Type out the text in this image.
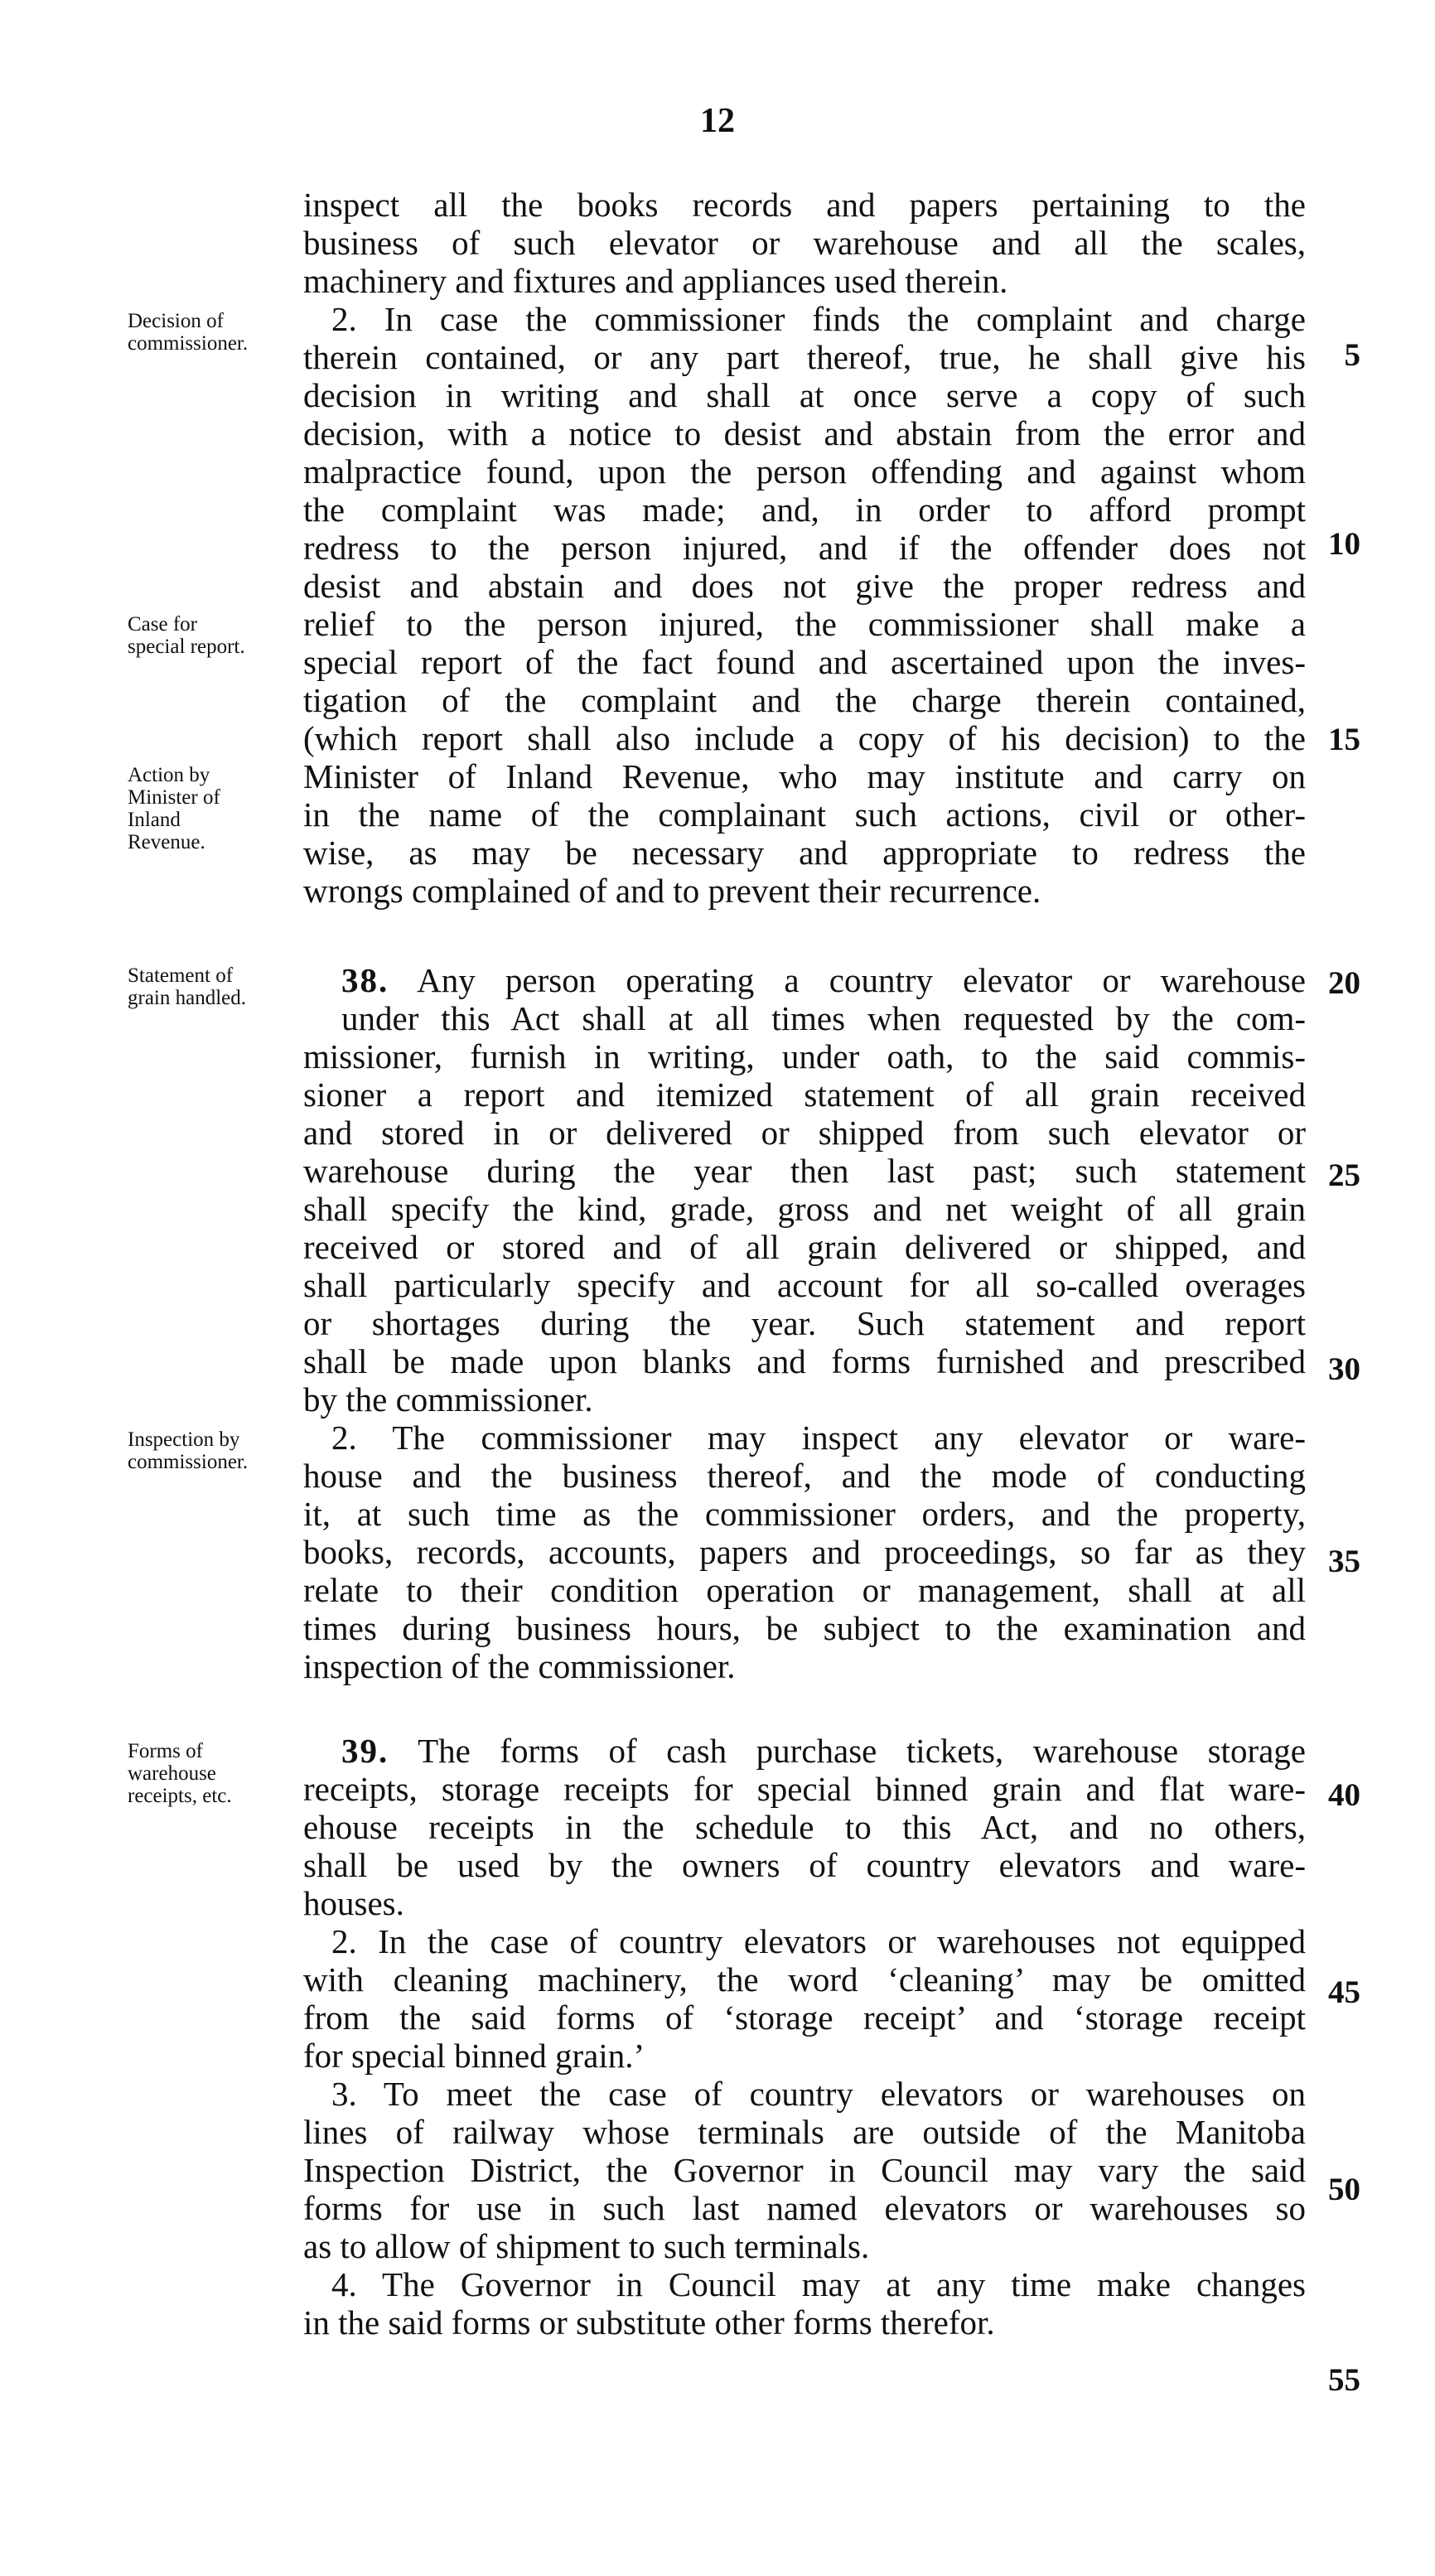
12
Decision of
commissioner.
Case for
special report.
Action by
Minister of
Inland
Revenue.
Statement of
grain handled.
Inspection by
commissioner.
Forms of
warehouse
receipts, etc.
5
10
15
20
25
30
35
40
45
50
55
inspect all the books records and papers pertaining to the
business of such elevator or warehouse and all the scales,
machinery and fixtures and appliances used therein.
2. In case the commissioner finds the complaint and charge
therein contained, or any part thereof, true, he shall give his
decision in writing and shall at once serve a copy of such
decision, with a notice to desist and abstain from the error and
malpractice found, upon the person offending and against whom
the complaint was made; and, in order to afford prompt
redress to the person injured, and if the offender does not
desist and abstain and does not give the proper redress and
relief to the person injured, the commissioner shall make a
special report of the fact found and ascertained upon the inves-
tigation of the complaint and the charge therein contained,
(which report shall also include a copy of his decision) to the
Minister of Inland Revenue, who may institute and carry on
in the name of the complainant such actions, civil or other-
wise, as may be necessary and appropriate to redress the
wrongs complained of and to prevent their recurrence.
38. Any person operating a country elevator or warehouse
under this Act shall at all times when requested by the com-
missioner, furnish in writing, under oath, to the said commis-
sioner a report and itemized statement of all grain received
and stored in or delivered or shipped from such elevator or
warehouse during the year then last past; such statement
shall specify the kind, grade, gross and net weight of all grain
received or stored and of all grain delivered or shipped, and
shall particularly specify and account for all so-called overages
or shortages during the year. Such statement and report
shall be made upon blanks and forms furnished and prescribed
by the commissioner.
2. The commissioner may inspect any elevator or ware-
house and the business thereof, and the mode of conducting
it, at such time as the commissioner orders, and the property,
books, records, accounts, papers and proceedings, so far as they
relate to their condition operation or management, shall at all
times during business hours, be subject to the examination and
inspection of the commissioner.
39. The forms of cash purchase tickets, warehouse storage
receipts, storage receipts for special binned grain and flat ware-
ehouse receipts in the schedule to this Act, and no others,
shall be used by the owners of country elevators and ware-
houses.
2. In the case of country elevators or warehouses not equipped
with cleaning machinery, the word ‘cleaning’ may be omitted
from the said forms of ‘storage receipt’ and ‘storage receipt
for special binned grain.’
3. To meet the case of country elevators or warehouses on
lines of railway whose terminals are outside of the Manitoba
Inspection District, the Governor in Council may vary the said
forms for use in such last named elevators or warehouses so
as to allow of shipment to such terminals.
4. The Governor in Council may at any time make changes
in the said forms or substitute other forms therefor.
